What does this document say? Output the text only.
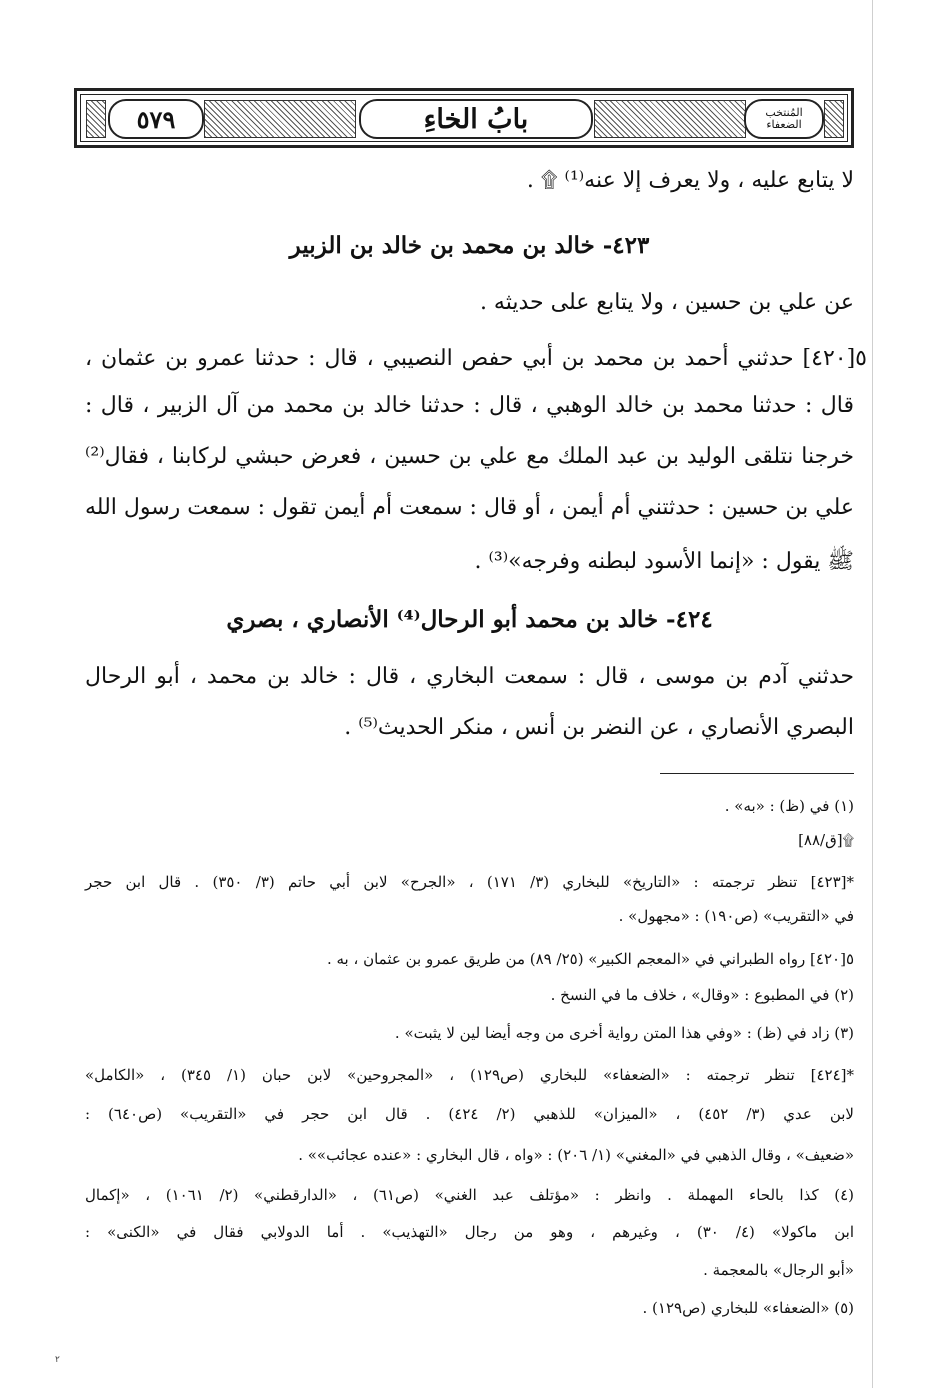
٥٧٩	بابُ الخاءِ	المُنتخب
الضعفاء
لا يتابع عليه ، ولا يعرف إلا عنه⁽¹⁾ ۩ .
٤٢٣- خالد بن محمد بن خالد بن الزبير
عن علي بن حسين ، ولا يتابع على حديثه .
٥[٤٢٠] حدثني أحمد بن محمد بن أبي حفص النصيبي ، قال : حدثنا عمرو بن عثمان ،
قال : حدثنا محمد بن خالد الوهبي ، قال : حدثنا خالد بن محمد من آل الزبير ، قال :
خرجنا نتلقى الوليد بن عبد الملك مع علي بن حسين ، فعرض حبشي لركابنا ، فقال⁽²⁾
علي بن حسين : حدثتني أم أيمن ، أو قال : سمعت أم أيمن تقول : سمعت رسول الله
ﷺ يقول : «إنما الأسود لبطنه وفرجه»⁽³⁾ .
٤٢٤- خالد بن محمد أبو الرحال⁽⁴⁾ الأنصاري ، بصري
حدثني آدم بن موسى ، قال : سمعت البخاري ، قال : خالد بن محمد ، أبو الرحال
البصري الأنصاري ، عن النضر بن أنس ، منكر الحديث⁽⁵⁾ .
(١) في (ظ) : «به» .
۩[ق/٨٨]
*[٤٢٣] تنظر ترجمته : «التاريخ» للبخاري (٣/ ١٧١) ، «الجرح» لابن أبي حاتم (٣/ ٣٥٠) . قال ابن حجر
في «التقريب» (ص١٩٠) : «مجهول» .
٥[٤٢٠] رواه الطبراني في «المعجم الكبير» (٢٥/ ٨٩) من طريق عمرو بن عثمان ، به .
(٢) في المطبوع : «وقال» ، خلاف ما في النسخ .
(٣) زاد في (ظ) : «وفي هذا المتن رواية أخرى من وجه أيضا لين لا يثبت» .
*[٤٢٤] تنظر ترجمته : «الضعفاء» للبخاري (ص١٢٩) ، «المجروحين» لابن حبان (١/ ٣٤٥) ، «الكامل»
لابن عدي (٣/ ٤٥٢) ، «الميزان» للذهبي (٢/ ٤٢٤) . قال ابن حجر في «التقريب» (ص٦٤٠) :
«ضعيف» ، وقال الذهبي في «المغني» (١/ ٢٠٦) : «واه ، قال البخاري : «عنده عجائب»» .
(٤) كذا بالحاء المهملة . وانظر : «مؤتلف عبد الغني» (ص٦١) ، «الدارقطني» (٢/ ١٠٦١) ، «إكمال
ابن ماكولا» (٤/ ٣٠) ، وغيرهم ، وهو من رجال «التهذيب» . أما الدولابي فقال في «الكنى» :
«أبو الرجال» بالمعجمة .
(٥) «الضعفاء» للبخاري (ص١٢٩) .
٢
